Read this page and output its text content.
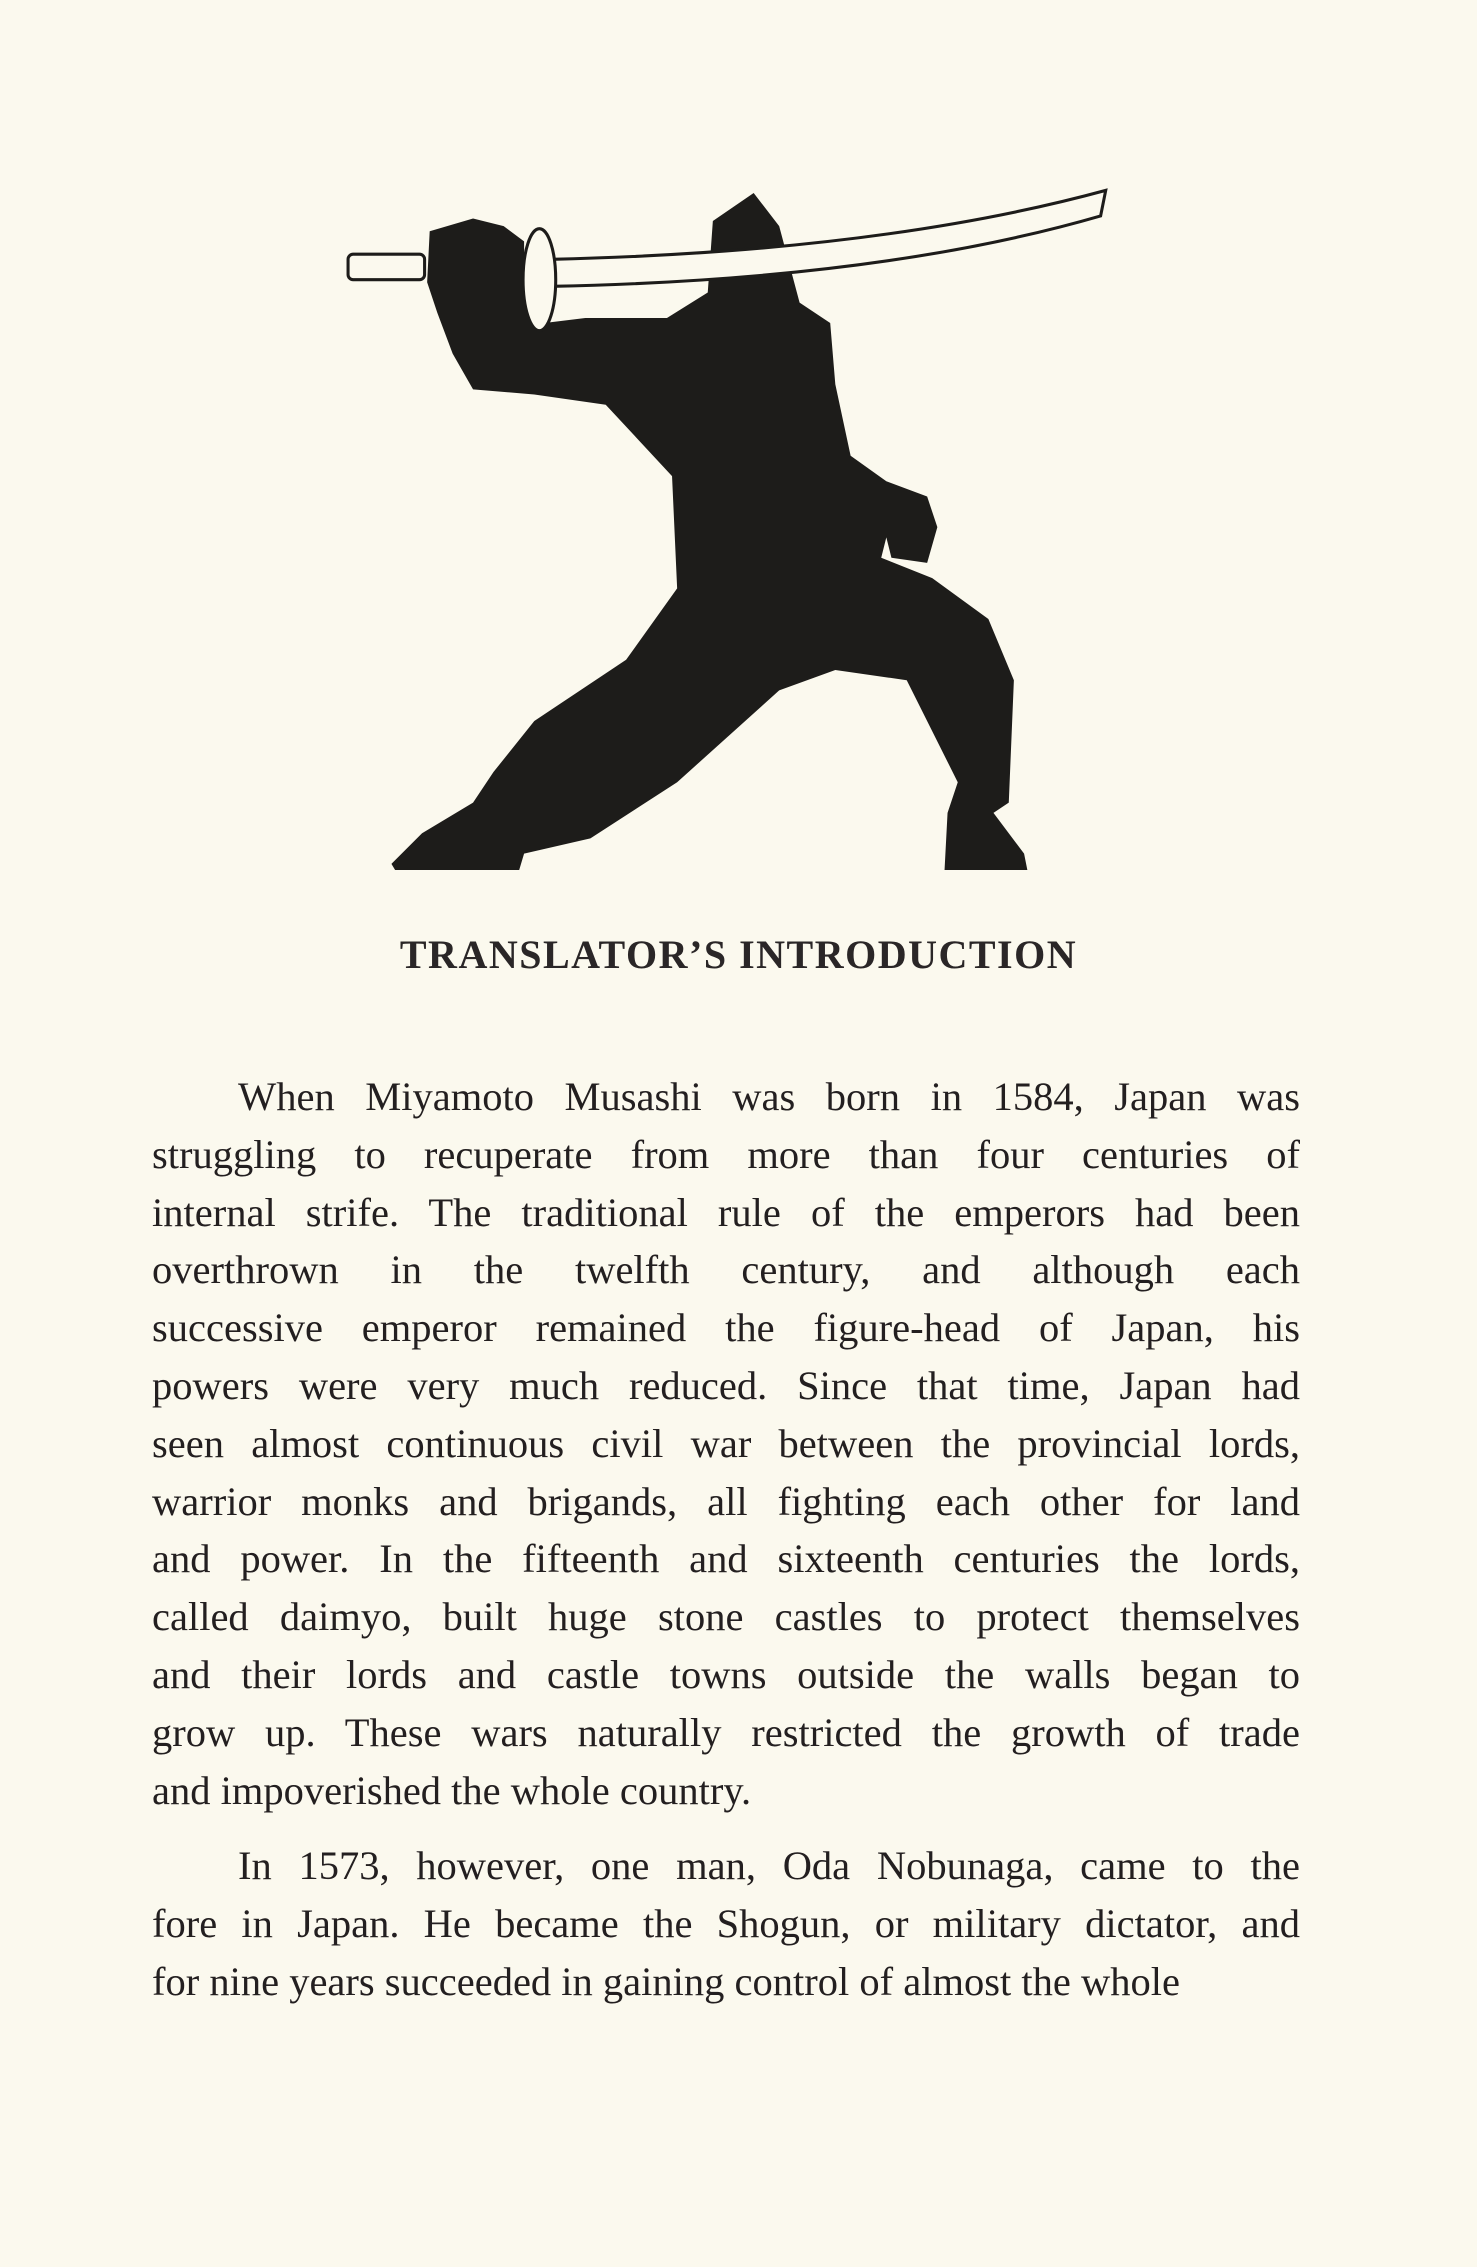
TRANSLATOR’S INTRODUCTION
When Miyamoto Musashi was born in 1584, Japan was
struggling to recuperate from more than four centuries of
internal strife. The traditional rule of the emperors had been
overthrown in the twelfth century, and although each
successive emperor remained the figure-head of Japan, his
powers were very much reduced. Since that time, Japan had
seen almost continuous civil war between the provincial lords,
warrior monks and brigands, all fighting each other for land
and power. In the fifteenth and sixteenth centuries the lords,
called daimyo, built huge stone castles to protect themselves
and their lords and castle towns outside the walls began to
grow up. These wars naturally restricted the growth of trade
and impoverished the whole country.
In 1573, however, one man, Oda Nobunaga, came to the
fore in Japan. He became the Shogun, or military dictator, and
for nine years succeeded in gaining control of almost the whole
